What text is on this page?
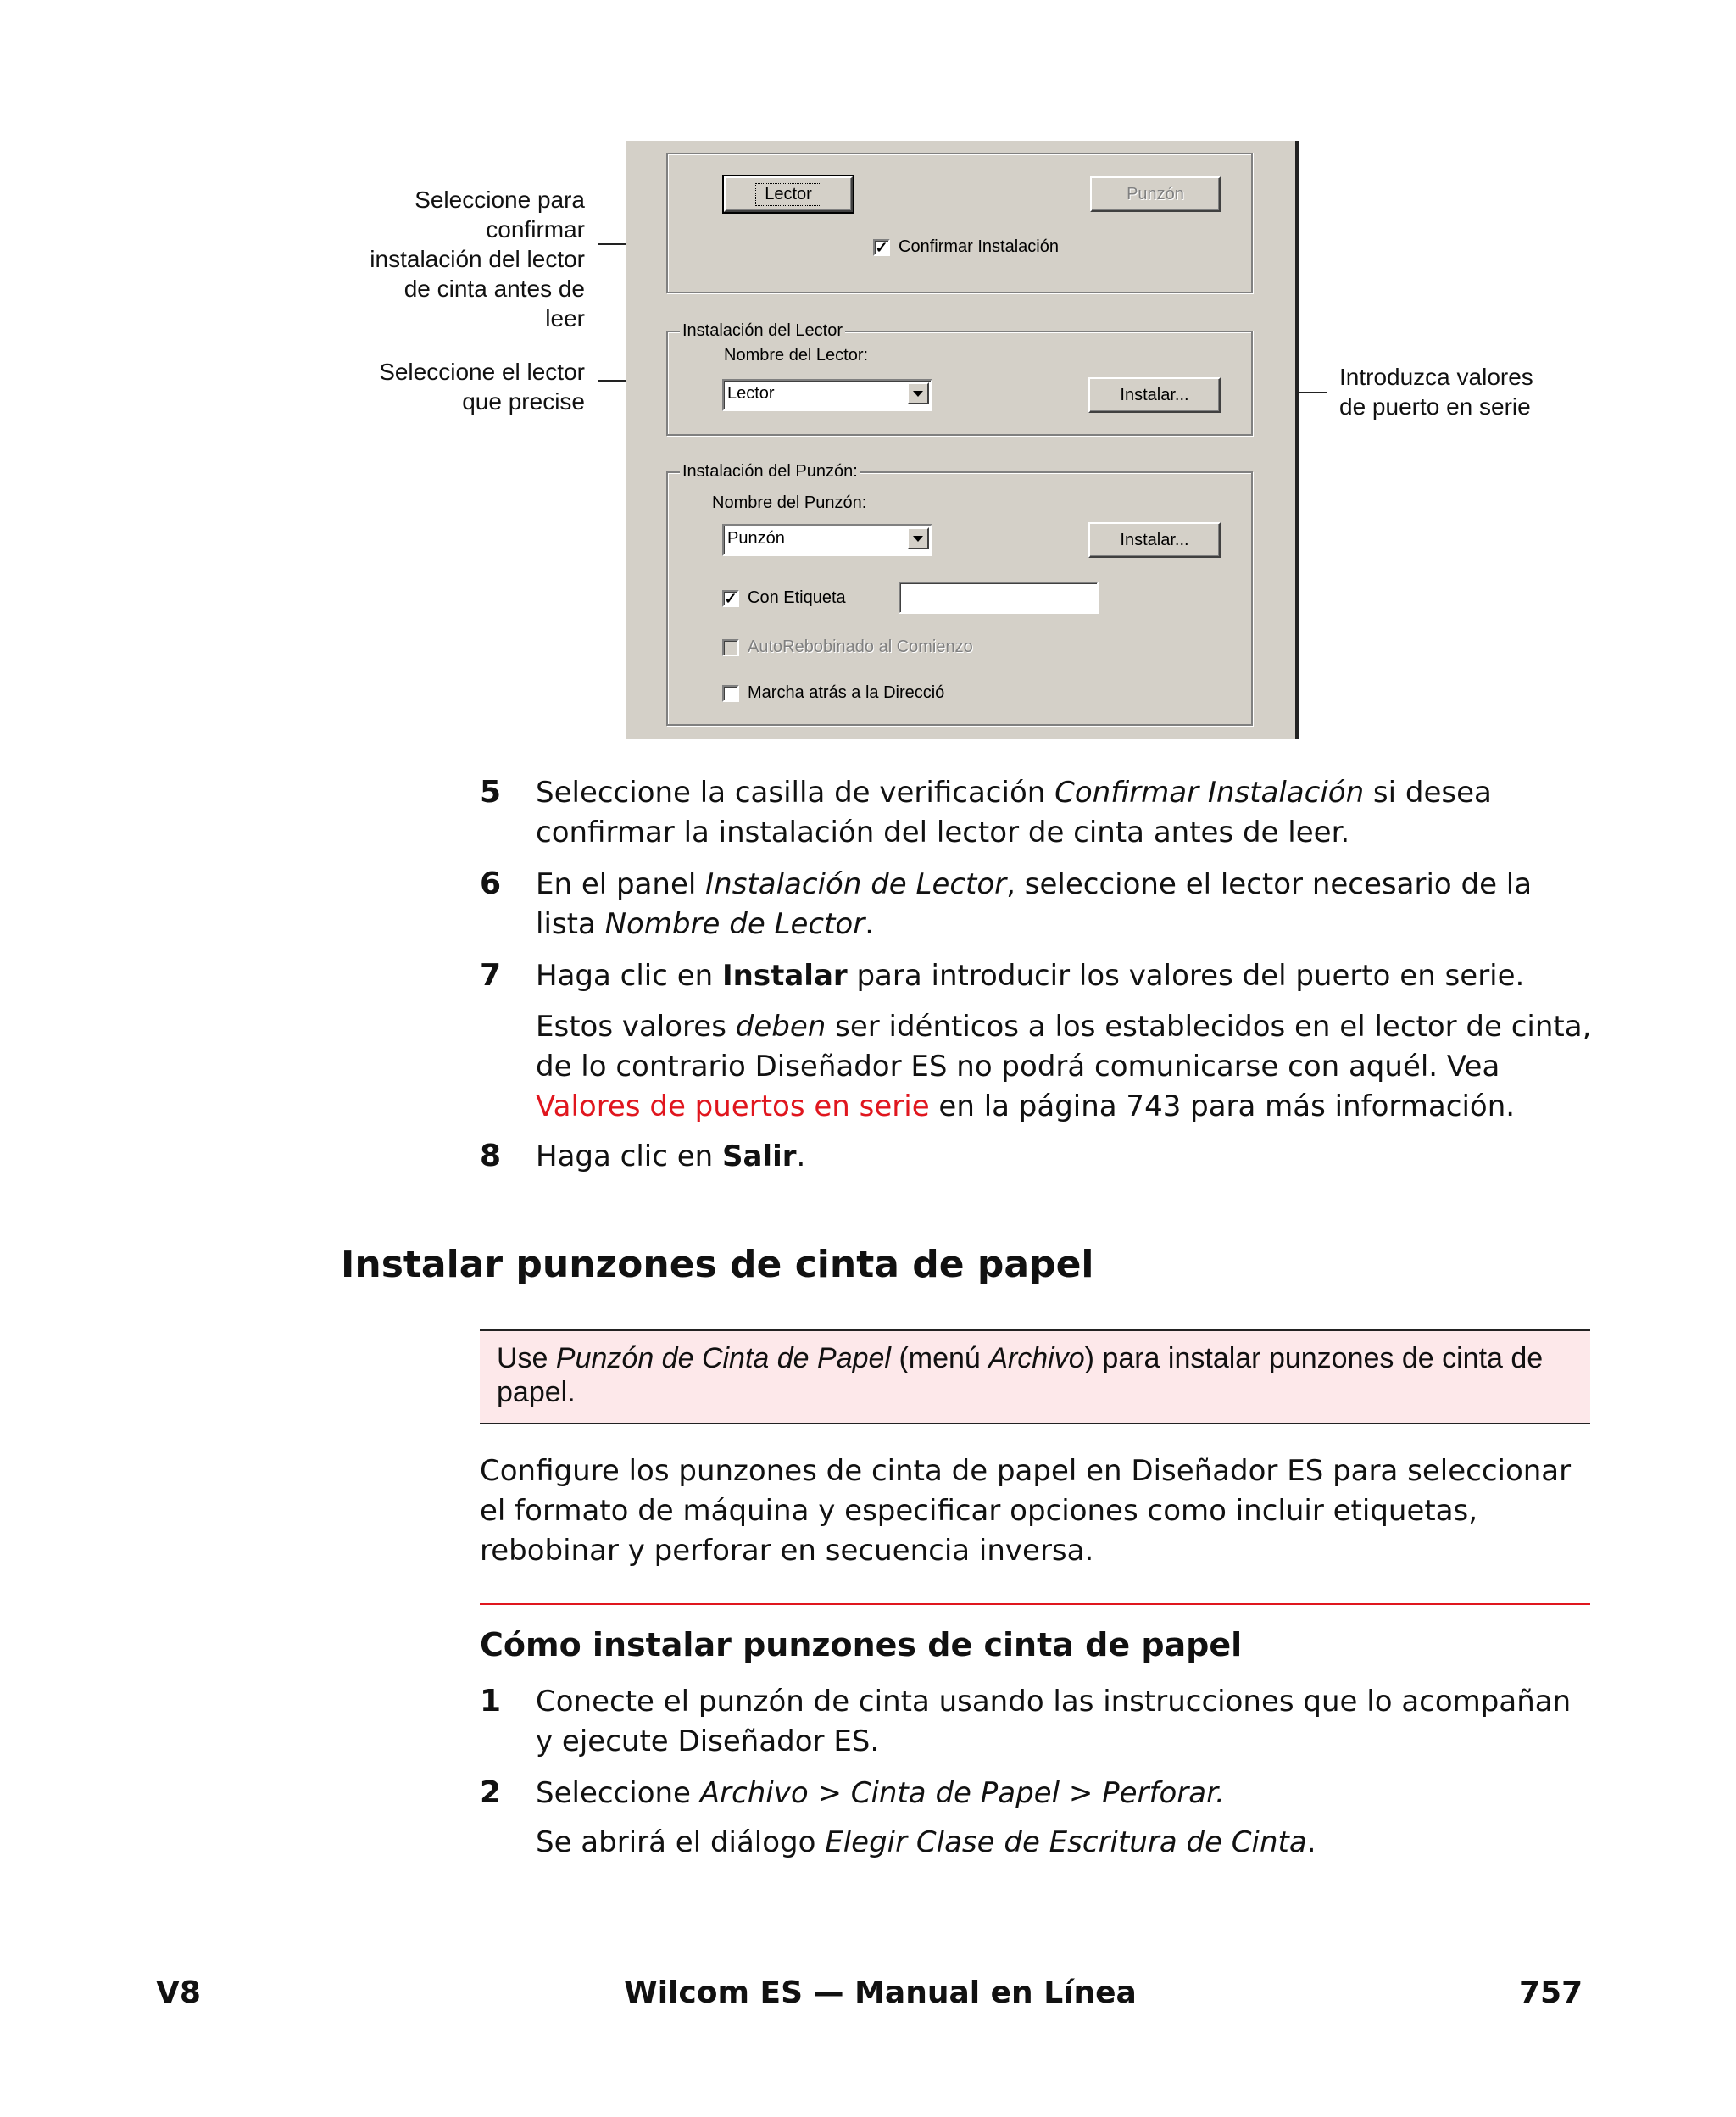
Seleccione para
confirmar
instalación del lector
de cinta antes de
leer
Seleccione el lector
que precise
Introduzca valores
de puerto en serie
Lector	Punzón
✓ Confirmar Instalación
Instalación del Lector
Nombre del Lector:
Lector	Instalar...
Instalación del Punzón:
Nombre del Punzón:
Punzón	Instalar...
✓ Con Etiqueta
AutoRebobinado al Comienzo
Marcha atrás a la Direcció
5 Seleccione la casilla de verificación Confirmar Instalación si desea confirmar la instalación del lector de cinta antes de leer.
6 En el panel Instalación de Lector, seleccione el lector necesario de la lista Nombre de Lector.
7 Haga clic en Instalar para introducir los valores del puerto en serie.
Estos valores deben ser idénticos a los establecidos en el lector de cinta, de lo contrario Diseñador ES no podrá comunicarse con aquél. Vea Valores de puertos en serie en la página 743 para más información.
8 Haga clic en Salir.
Instalar punzones de cinta de papel
Use Punzón de Cinta de Papel (menú Archivo) para instalar punzones de cinta de papel.
Configure los punzones de cinta de papel en Diseñador ES para seleccionar el formato de máquina y especificar opciones como incluir etiquetas, rebobinar y perforar en secuencia inversa.
Cómo instalar punzones de cinta de papel
1 Conecte el punzón de cinta usando las instrucciones que lo acompañan y ejecute Diseñador ES.
2 Seleccione Archivo > Cinta de Papel > Perforar.
Se abrirá el diálogo Elegir Clase de Escritura de Cinta.
V8	Wilcom ES — Manual en Línea	757
